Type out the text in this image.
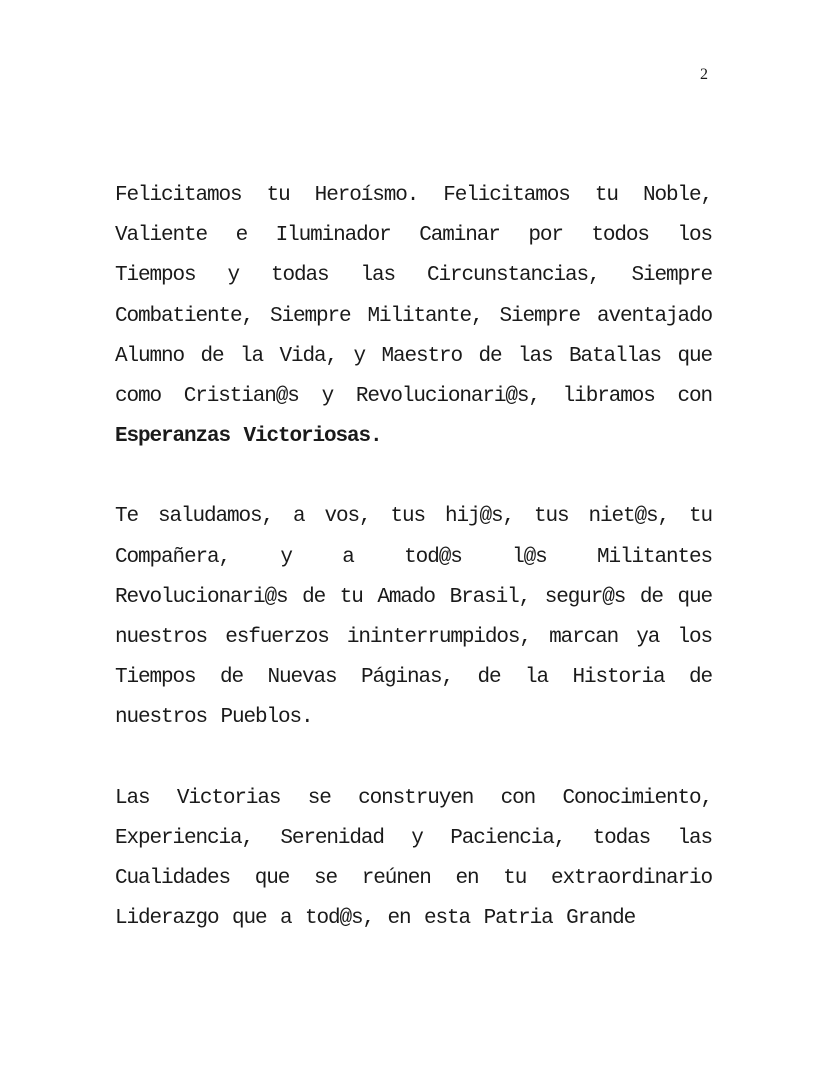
2

Felicitamos tu Heroísmo. Felicitamos tu Noble, Valiente e Iluminador Caminar por todos los Tiempos y todas las Circunstancias, Siempre Combatiente, Siempre Militante, Siempre aventajado Alumno de la Vida, y Maestro de las Batallas que como Cristian@s y Revolucionari@s, libramos con Esperanzas Victoriosas.

Te saludamos, a vos, tus hij@s, tus niet@s, tu Compañera, y a tod@s l@s Militantes Revolucionari@s de tu Amado Brasil, segur@s de que nuestros esfuerzos ininterrumpidos, marcan ya los Tiempos de Nuevas Páginas, de la Historia de nuestros Pueblos.

Las Victorias se construyen con Conocimiento, Experiencia, Serenidad y Paciencia, todas las Cualidades que se reúnen en tu extraordinario Liderazgo que a tod@s, en esta Patria Grande
